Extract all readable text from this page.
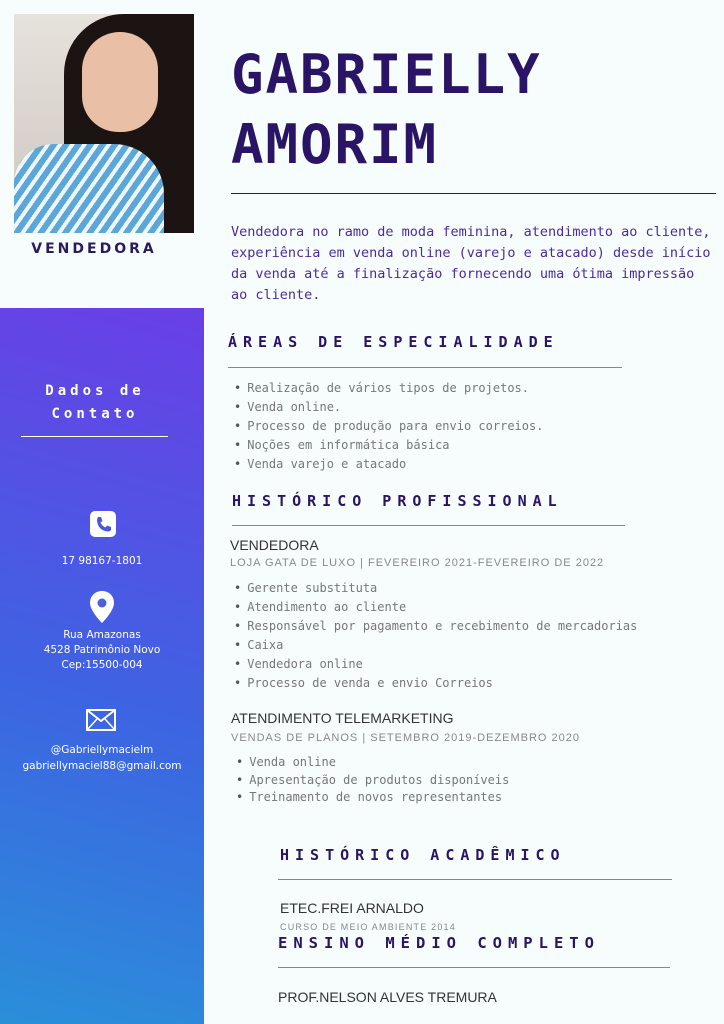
VENDEDORA
GABRIELLY
AMORIM
Vendedora no ramo de moda feminina, atendimento ao cliente, experiência em venda online (varejo e atacado) desde início da venda até a finalização fornecendo uma ótima impressão ao cliente.
Dados de
Contato
17 98167-1801
Rua Amazonas
4528 Patrimônio Novo
Cep:15500-004
@Gabriellymacielm
gabriellymaciel88@gmail.com
ÁREAS DE ESPECIALIDADE
• Realização de vários tipos de projetos.
• Venda online.
• Processo de produção para envio correios.
• Noções em informática básica
• Venda varejo e atacado
HISTÓRICO PROFISSIONAL
VENDEDORA
LOJA GATA DE LUXO | FEVEREIRO 2021-FEVEREIRO DE 2022
• Gerente substituta
• Atendimento ao cliente
• Responsável por pagamento e recebimento de mercadorias
• Caixa
• Vendedora online
• Processo de venda e envio Correios
ATENDIMENTO TELEMARKETING
VENDAS DE PLANOS | SETEMBRO 2019-DEZEMBRO 2020
• Venda online
• Apresentação de produtos disponíveis
• Treinamento de novos representantes
HISTÓRICO ACADÊMICO
ETEC.FREI ARNALDO
CURSO DE MEIO AMBIENTE 2014
ENSINO MÉDIO COMPLETO
PROF.NELSON ALVES TREMURA
